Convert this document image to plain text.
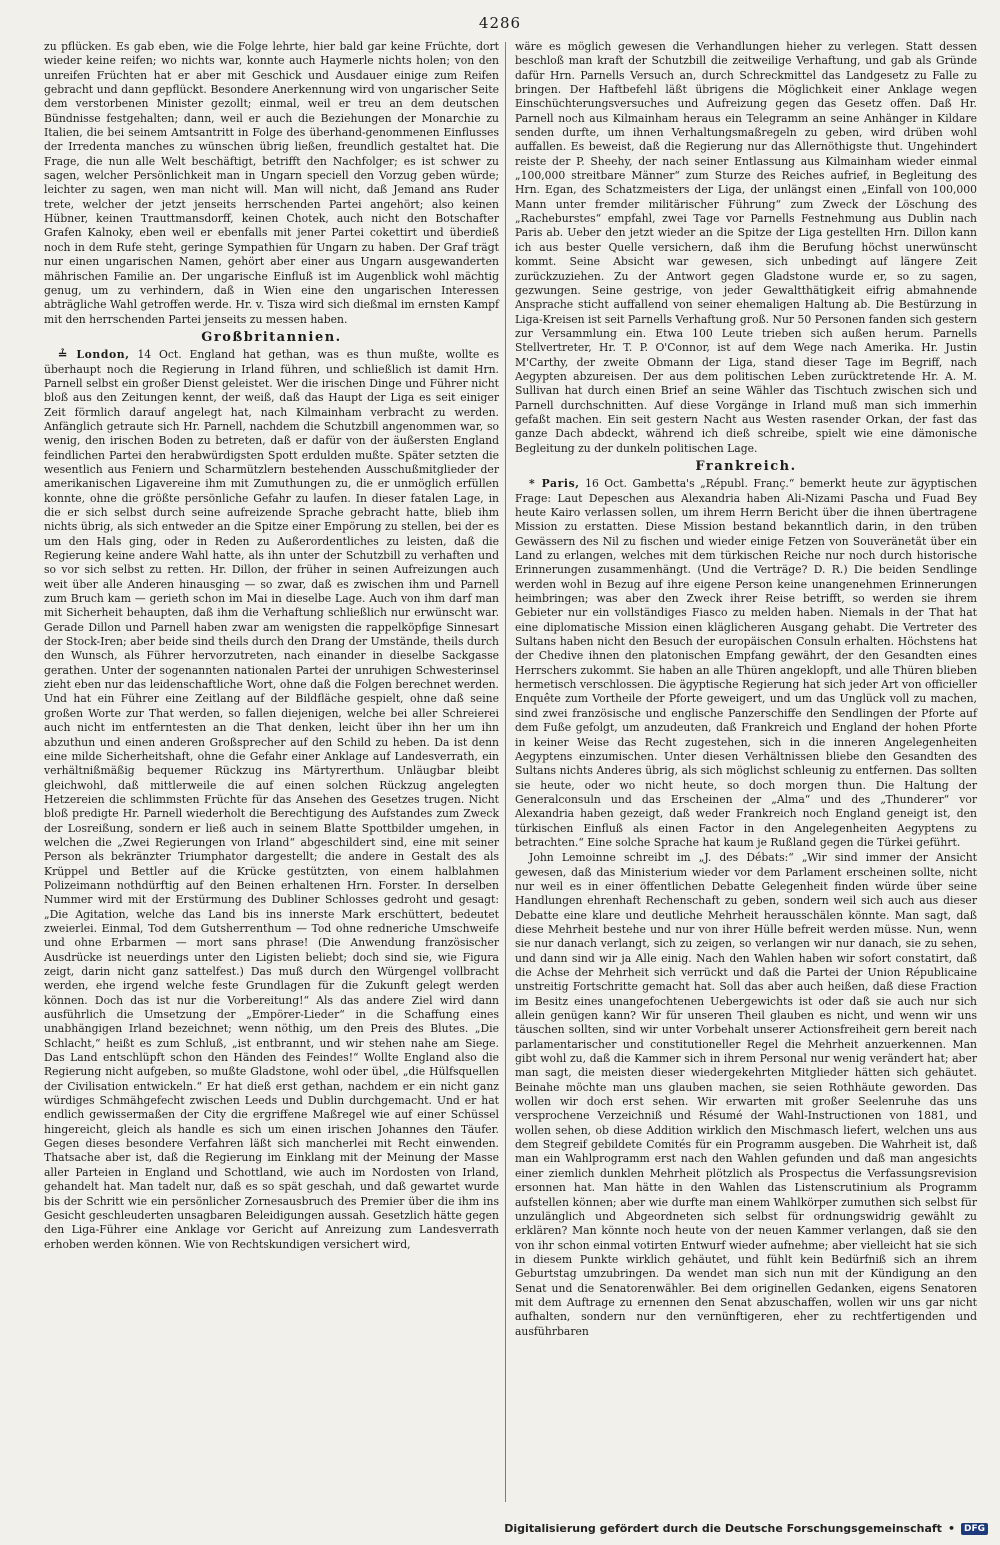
4286

zu pflücken. Es gab eben, wie die Folge lehrte, hier bald gar keine Früchte, dort wieder keine reifen; wo nichts war, konnte auch Haymerle nichts holen; von den unreifen Früchten hat er aber mit Geschick und Ausdauer einige zum Reifen gebracht und dann gepflückt. Besondere Anerkennung wird von ungarischer Seite dem verstorbenen Minister gezollt; einmal, weil er treu an dem deutschen Bündnisse festgehalten; dann, weil er auch die Beziehungen der Monarchie zu Italien, die bei seinem Amtsantritt in Folge des überhand-genommenen Einflusses der Irredenta manches zu wünschen übrig ließen, freundlich gestaltet hat. Die Frage, die nun alle Welt beschäftigt, betrifft den Nachfolger; es ist schwer zu sagen, welcher Persönlichkeit man in Ungarn speciell den Vorzug geben würde; leichter zu sagen, wen man nicht will. Man will nicht, daß Jemand ans Ruder trete, welcher der jetzt jenseits herrschenden Partei angehört; also keinen Hübner, keinen Trauttmansdorff, keinen Chotek, auch nicht den Botschafter Grafen Kalnoky, eben weil er ebenfalls mit jener Partei cokettirt und überdieß noch in dem Rufe steht, geringe Sympathien für Ungarn zu haben. Der Graf trägt nur einen ungarischen Namen, gehört aber einer aus Ungarn ausgewanderten mährischen Familie an. Der ungarische Einfluß ist im Augenblick wohl mächtig genug, um zu verhindern, daß in Wien eine den ungarischen Interessen abträgliche Wahl getroffen werde. Hr. v. Tisza wird sich dießmal im ernsten Kampf mit den herrschenden Partei jenseits zu messen haben.

Großbritannien.

≟ London, 14 Oct. England hat gethan, was es thun mußte, wollte es überhaupt noch die Regierung in Irland führen, und schließlich ist damit Hrn. Parnell selbst ein großer Dienst geleistet. Wer die irischen Dinge und Führer nicht bloß aus den Zeitungen kennt, der weiß, daß das Haupt der Liga es seit einiger Zeit förmlich darauf angelegt hat, nach Kilmainham verbracht zu werden. Anfänglich getraute sich Hr. Parnell, nachdem die Schutzbill angenommen war, so wenig, den irischen Boden zu betreten, daß er dafür von der äußersten England feindlichen Partei den herabwürdigsten Spott erdulden mußte. Später setzten die wesentlich aus Feniern und Scharmützlern bestehenden Ausschußmitglieder der amerikanischen Ligavereine ihm mit Zumuthungen zu, die er unmöglich erfüllen konnte, ohne die größte persönliche Gefahr zu laufen. In dieser fatalen Lage, in die er sich selbst durch seine aufreizende Sprache gebracht hatte, blieb ihm nichts übrig, als sich entweder an die Spitze einer Empörung zu stellen, bei der es um den Hals ging, oder in Reden zu Außerordentliches zu leisten, daß die Regierung keine andere Wahl hatte, als ihn unter der Schutzbill zu verhaften und so vor sich selbst zu retten. Hr. Dillon, der früher in seinen Aufreizungen auch weit über alle Anderen hinausging — so zwar, daß es zwischen ihm und Parnell zum Bruch kam — gerieth schon im Mai in dieselbe Lage. Auch von ihm darf man mit Sicherheit behaupten, daß ihm die Verhaftung schließlich nur erwünscht war. Gerade Dillon und Parnell haben zwar am wenigsten die rappelköpfige Sinnesart der Stock-Iren; aber beide sind theils durch den Drang der Umstände, theils durch den Wunsch, als Führer hervorzutreten, nach einander in dieselbe Sackgasse gerathen. Unter der sogenannten nationalen Partei der unruhigen Schwesterinsel zieht eben nur das leidenschaftliche Wort, ohne daß die Folgen berechnet werden. Und hat ein Führer eine Zeitlang auf der Bildfläche gespielt, ohne daß seine großen Worte zur That werden, so fallen diejenigen, welche bei aller Schreierei auch nicht im entferntesten an die That denken, leicht über ihn her um ihn abzuthun und einen anderen Großsprecher auf den Schild zu heben. Da ist denn eine milde Sicherheitshaft, ohne die Gefahr einer Anklage auf Landesverrath, ein verhältnißmäßig bequemer Rückzug ins Märtyrerthum. Unläugbar bleibt gleichwohl, daß mittlerweile die auf einen solchen Rückzug angelegten Hetzereien die schlimmsten Früchte für das Ansehen des Gesetzes trugen. Nicht bloß predigte Hr. Parnell wiederholt die Berechtigung des Aufstandes zum Zweck der Losreißung, sondern er ließ auch in seinem Blatte Spottbilder umgehen, in welchen die „Zwei Regierungen von Irland“ abgeschildert sind, eine mit seiner Person als bekränzter Triumphator dargestellt; die andere in Gestalt des als Krüppel und Bettler auf die Krücke gestützten, von einem halblahmen Polizeimann nothdürftig auf den Beinen erhaltenen Hrn. Forster. In derselben Nummer wird mit der Erstürmung des Dubliner Schlosses gedroht und gesagt: „Die Agitation, welche das Land bis ins innerste Mark erschüttert, bedeutet zweierlei. Einmal, Tod dem Gutsherrenthum — Tod ohne redneriche Umschweife und ohne Erbarmen — mort sans phrase! (Die Anwendung französischer Ausdrücke ist neuerdings unter den Ligisten beliebt; doch sind sie, wie Figura zeigt, darin nicht ganz sattelfest.) Das muß durch den Würgengel vollbracht werden, ehe irgend welche feste Grundlagen für die Zukunft gelegt werden können. Doch das ist nur die Vorbereitung!“ Als das andere Ziel wird dann ausführlich die Umsetzung der „Empörer-Lieder“ in die Schaffung eines unabhängigen Irland bezeichnet; wenn nöthig, um den Preis des Blutes. „Die Schlacht,“ heißt es zum Schluß, „ist entbrannt, und wir stehen nahe am Siege. Das Land entschlüpft schon den Händen des Feindes!“ Wollte England also die Regierung nicht aufgeben, so mußte Gladstone, wohl oder übel, „die Hülfsquellen der Civilisation entwickeln.“ Er hat dieß erst gethan, nachdem er ein nicht ganz würdiges Schmähgefecht zwischen Leeds und Dublin durchgemacht. Und er hat endlich gewissermaßen der City die ergriffene Maßregel wie auf einer Schüssel hingereicht, gleich als handle es sich um einen irischen Johannes den Täufer. Gegen dieses besondere Verfahren läßt sich mancherlei mit Recht einwenden. Thatsache aber ist, daß die Regierung im Einklang mit der Meinung der Masse aller Parteien in England und Schottland, wie auch im Nordosten von Irland, gehandelt hat. Man tadelt nur, daß es so spät geschah, und daß gewartet wurde bis der Schritt wie ein persönlicher Zornesausbruch des Premier über die ihm ins Gesicht geschleuderten unsagbaren Beleidigungen aussah. Gesetzlich hätte gegen den Liga-Führer eine Anklage vor Gericht auf Anreizung zum Landesverrath erhoben werden können. Wie von Rechtskundigen versichert wird,

wäre es möglich gewesen die Verhandlungen hieher zu verlegen. Statt dessen beschloß man kraft der Schutzbill die zeitweilige Verhaftung, und gab als Gründe dafür Hrn. Parnells Versuch an, durch Schreckmittel das Landgesetz zu Falle zu bringen. Der Haftbefehl läßt übrigens die Möglichkeit einer Anklage wegen Einschüchterungsversuches und Aufreizung gegen das Gesetz offen. Daß Hr. Parnell noch aus Kilmainham heraus ein Telegramm an seine Anhänger in Kildare senden durfte, um ihnen Verhaltungsmaßregeln zu geben, wird drüben wohl auffallen. Es beweist, daß die Regierung nur das Allernöthigste thut. Ungehindert reiste der P. Sheehy, der nach seiner Entlassung aus Kilmainham wieder einmal „100,000 streitbare Männer“ zum Sturze des Reiches aufrief, in Begleitung des Hrn. Egan, des Schatzmeisters der Liga, der unlängst einen „Einfall von 100,000 Mann unter fremder militärischer Führung“ zum Zweck der Löschung des „Racheburstes“ empfahl, zwei Tage vor Parnells Festnehmung aus Dublin nach Paris ab. Ueber den jetzt wieder an die Spitze der Liga gestellten Hrn. Dillon kann ich aus bester Quelle versichern, daß ihm die Berufung höchst unerwünscht kommt. Seine Absicht war gewesen, sich unbedingt auf längere Zeit zurückzuziehen. Zu der Antwort gegen Gladstone wurde er, so zu sagen, gezwungen. Seine gestrige, von jeder Gewaltthätigkeit eifrig abmahnende Ansprache sticht auffallend von seiner ehemaligen Haltung ab. Die Bestürzung in Liga-Kreisen ist seit Parnells Verhaftung groß. Nur 50 Personen fanden sich gestern zur Versammlung ein. Etwa 100 Leute trieben sich außen herum. Parnells Stellvertreter, Hr. T. P. O'Connor, ist auf dem Wege nach Amerika. Hr. Justin M'Carthy, der zweite Obmann der Liga, stand dieser Tage im Begriff, nach Aegypten abzureisen. Der aus dem politischen Leben zurücktretende Hr. A. M. Sullivan hat durch einen Brief an seine Wähler das Tischtuch zwischen sich und Parnell durchschnitten. Auf diese Vorgänge in Irland muß man sich immerhin gefaßt machen. Ein seit gestern Nacht aus Westen rasender Orkan, der fast das ganze Dach abdeckt, während ich dieß schreibe, spielt wie eine dämonische Begleitung zu der dunkeln politischen Lage.

Frankreich.

* Paris, 16 Oct. Gambetta's „Républ. Franç.“ bemerkt heute zur ägyptischen Frage: Laut Depeschen aus Alexandria haben Ali-Nizami Pascha und Fuad Bey heute Kairo verlassen sollen, um ihrem Herrn Bericht über die ihnen übertragene Mission zu erstatten. Diese Mission bestand bekanntlich darin, in den trüben Gewässern des Nil zu fischen und wieder einige Fetzen von Souveränetät über ein Land zu erlangen, welches mit dem türkischen Reiche nur noch durch historische Erinnerungen zusammenhängt. (Und die Verträge? D. R.) Die beiden Sendlinge werden wohl in Bezug auf ihre eigene Person keine unangenehmen Erinnerungen heimbringen; was aber den Zweck ihrer Reise betrifft, so werden sie ihrem Gebieter nur ein vollständiges Fiasco zu melden haben. Niemals in der That hat eine diplomatische Mission einen kläglicheren Ausgang gehabt. Die Vertreter des Sultans haben nicht den Besuch der europäischen Consuln erhalten. Höchstens hat der Chedive ihnen den platonischen Empfang gewährt, der den Gesandten eines Herrschers zukommt. Sie haben an alle Thüren angeklopft, und alle Thüren blieben hermetisch verschlossen. Die ägyptische Regierung hat sich jeder Art von officieller Enquête zum Vortheile der Pforte geweigert, und um das Unglück voll zu machen, sind zwei französische und englische Panzerschiffe den Sendlingen der Pforte auf dem Fuße gefolgt, um anzudeuten, daß Frankreich und England der hohen Pforte in keiner Weise das Recht zugestehen, sich in die inneren Angelegenheiten Aegyptens einzumischen. Unter diesen Verhältnissen bliebe den Gesandten des Sultans nichts Anderes übrig, als sich möglichst schleunig zu entfernen. Das sollten sie heute, oder wo nicht heute, so doch morgen thun. Die Haltung der Generalconsuln und das Erscheinen der „Alma“ und des „Thunderer“ vor Alexandria haben gezeigt, daß weder Frankreich noch England geneigt ist, den türkischen Einfluß als einen Factor in den Angelegenheiten Aegyptens zu betrachten.“ Eine solche Sprache hat kaum je Rußland gegen die Türkei geführt.

John Lemoinne schreibt im „J. des Débats:“ „Wir sind immer der Ansicht gewesen, daß das Ministerium wieder vor dem Parlament erscheinen sollte, nicht nur weil es in einer öffentlichen Debatte Gelegenheit finden würde über seine Handlungen ehrenhaft Rechenschaft zu geben, sondern weil sich auch aus dieser Debatte eine klare und deutliche Mehrheit herausschälen könnte. Man sagt, daß diese Mehrheit bestehe und nur von ihrer Hülle befreit werden müsse. Nun, wenn sie nur danach verlangt, sich zu zeigen, so verlangen wir nur danach, sie zu sehen, und dann sind wir ja Alle einig. Nach den Wahlen haben wir sofort constatirt, daß die Achse der Mehrheit sich verrückt und daß die Partei der Union Républicaine unstreitig Fortschritte gemacht hat. Soll das aber auch heißen, daß diese Fraction im Besitz eines unangefochtenen Uebergewichts ist oder daß sie auch nur sich allein genügen kann? Wir für unseren Theil glauben es nicht, und wenn wir uns täuschen sollten, sind wir unter Vorbehalt unserer Actionsfreiheit gern bereit nach parlamentarischer und constitutioneller Regel die Mehrheit anzuerkennen. Man gibt wohl zu, daß die Kammer sich in ihrem Personal nur wenig verändert hat; aber man sagt, die meisten dieser wiedergekehrten Mitglieder hätten sich gehäutet. Beinahe möchte man uns glauben machen, sie seien Rothhäute geworden. Das wollen wir doch erst sehen. Wir erwarten mit großer Seelenruhe das uns versprochene Verzeichniß und Résumé der Wahl-Instructionen von 1881, und wollen sehen, ob diese Addition wirklich den Mischmasch liefert, welchen uns aus dem Stegreif gebildete Comités für ein Programm ausgeben. Die Wahrheit ist, daß man ein Wahlprogramm erst nach den Wahlen gefunden und daß man angesichts einer ziemlich dunklen Mehrheit plötzlich als Prospectus die Verfassungsrevision ersonnen hat. Man hätte in den Wahlen das Listenscrutinium als Programm aufstellen können; aber wie durfte man einem Wahlkörper zumuthen sich selbst für unzulänglich und Abgeordneten sich selbst für ordnungswidrig gewählt zu erklären? Man könnte noch heute von der neuen Kammer verlangen, daß sie den von ihr schon einmal votirten Entwurf wieder aufnehme; aber vielleicht hat sie sich in diesem Punkte wirklich gehäutet, und fühlt kein Bedürfniß sich an ihrem Geburtstag umzubringen. Da wendet man sich nun mit der Kündigung an den Senat und die Senatorenwähler. Bei dem originellen Gedanken, eigens Senatoren mit dem Auftrage zu ernennen den Senat abzuschaffen, wollen wir uns gar nicht aufhalten, sondern nur den vernünftigeren, eher zu rechtfertigenden und ausführbaren

Digitalisierung gefördert durch die Deutsche Forschungsgemeinschaft •	DFG
